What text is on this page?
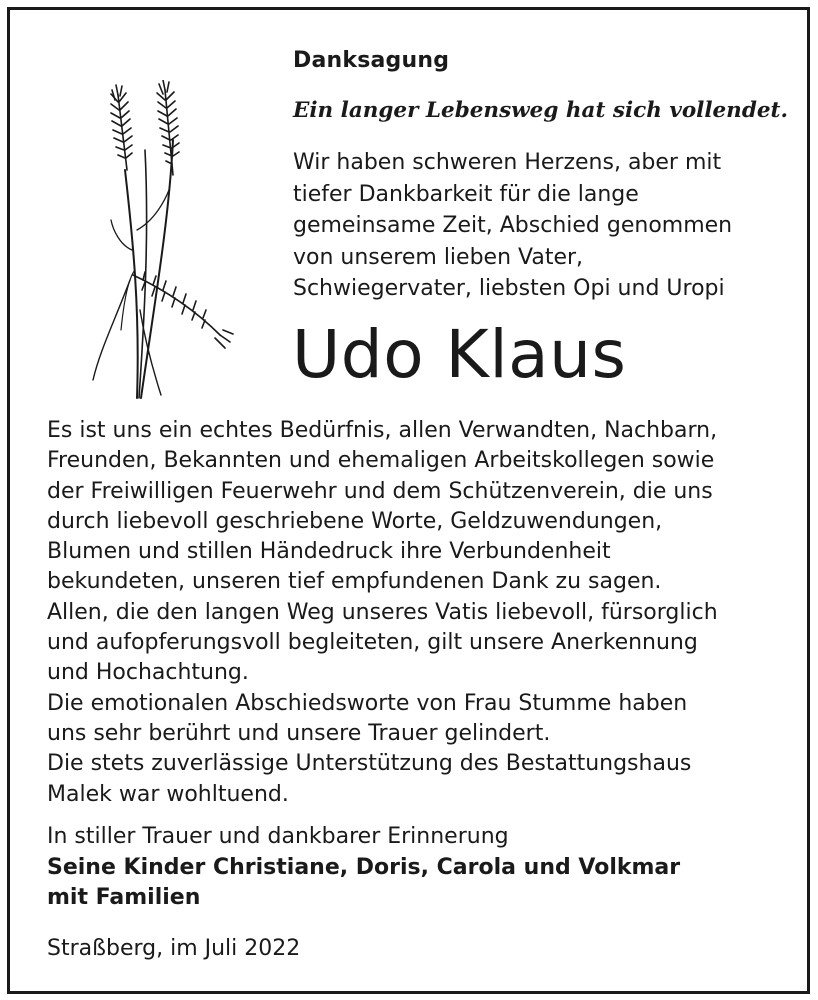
Danksagung
Ein langer Lebensweg hat sich vollendet.
Wir haben schweren Herzens, aber mit
tiefer Dankbarkeit für die lange
gemeinsame Zeit, Abschied genommen
von unserem lieben Vater,
Schwiegervater, liebsten Opi und Uropi
Udo Klaus
Es ist uns ein echtes Bedürfnis, allen Verwandten, Nachbarn,
Freunden, Bekannten und ehemaligen Arbeitskollegen sowie
der Freiwilligen Feuerwehr und dem Schützenverein, die uns
durch liebevoll geschriebene Worte, Geldzuwendungen,
Blumen und stillen Händedruck ihre Verbundenheit
bekundeten, unseren tief empfundenen Dank zu sagen.
Allen, die den langen Weg unseres Vatis liebevoll, fürsorglich
und aufopferungsvoll begleiteten, gilt unsere Anerkennung
und Hochachtung.
Die emotionalen Abschiedsworte von Frau Stumme haben
uns sehr berührt und unsere Trauer gelindert.
Die stets zuverlässige Unterstützung des Bestattungshaus
Malek war wohltuend.
In stiller Trauer und dankbarer Erinnerung
Seine Kinder Christiane, Doris, Carola und Volkmar
mit Familien
Straßberg, im Juli 2022
